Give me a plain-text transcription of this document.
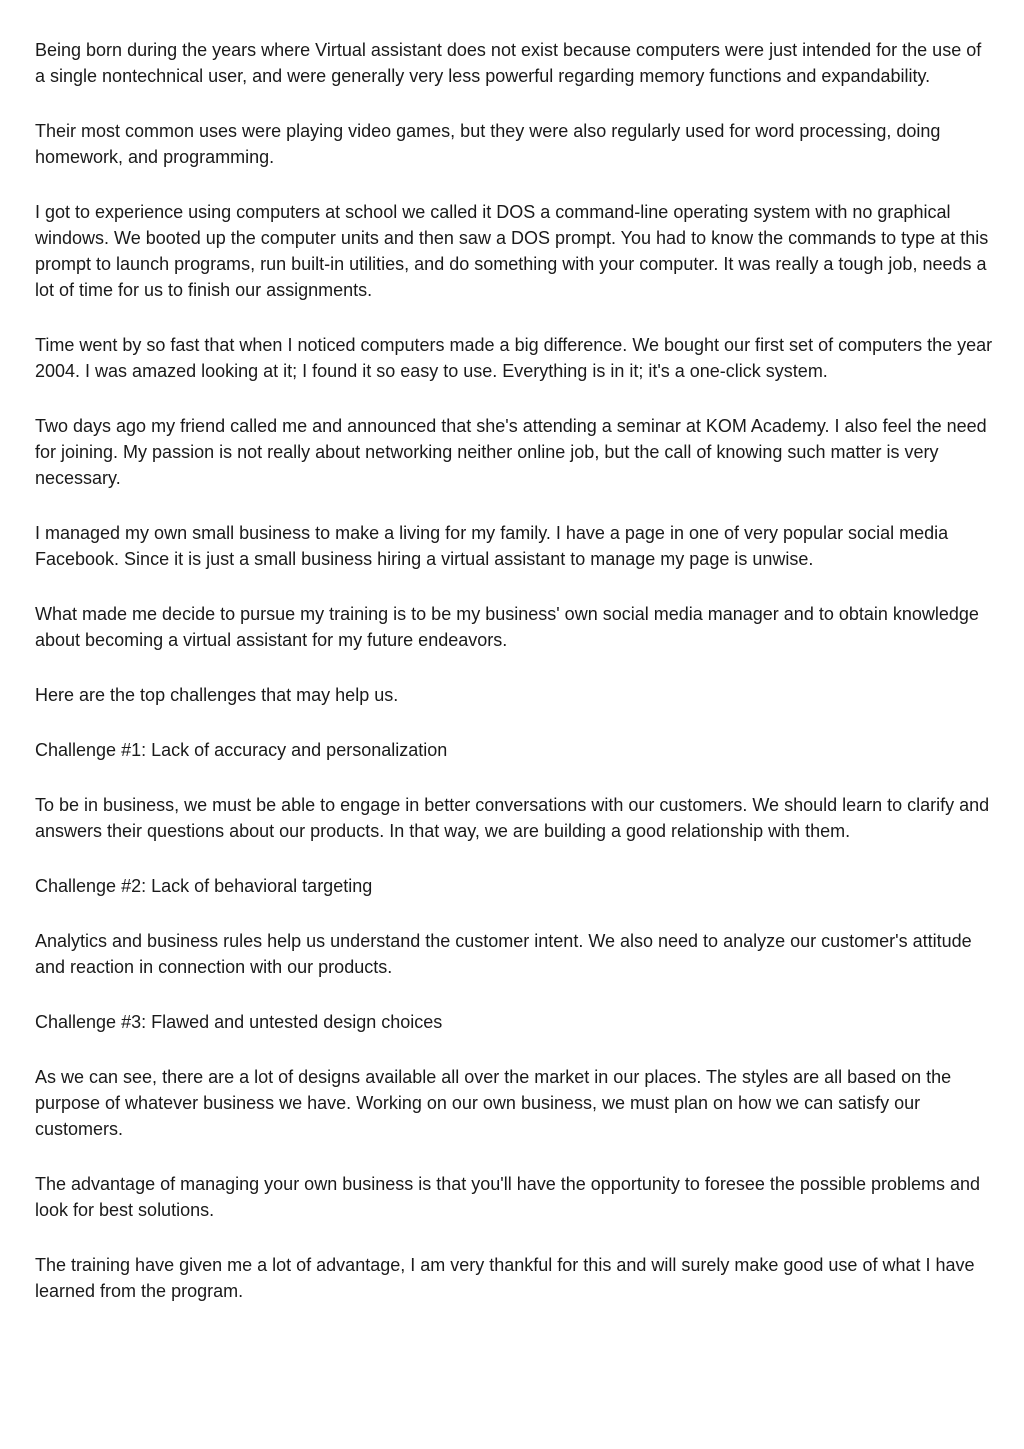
Being born during the years where Virtual assistant does not exist because computers were just intended for the use of a single nontechnical user, and were generally very less powerful regarding memory functions and expandability.

Their most common uses were playing video games, but they were also regularly used for word processing, doing homework, and programming.

I got to experience using computers at school we called it DOS a command-line operating system with no graphical windows. We booted up the computer units and then saw a DOS prompt. You had to know the commands to type at this prompt to launch programs, run built-in utilities, and do something with your computer. It was really a tough job, needs a lot of time for us to finish our assignments.

Time went by so fast that when I noticed computers made a big difference. We bought our first set of computers the year 2004. I was amazed looking at it; I found it so easy to use. Everything is in it; it's a one-click system.

Two days ago my friend called me and announced that she's attending a seminar at KOM Academy. I also feel the need for joining. My passion is not really about networking neither online job, but the call of knowing such matter is very necessary.

I managed my own small business to make a living for my family. I have a page in one of very popular social media Facebook. Since it is just a small business hiring a virtual assistant to manage my page is unwise.

What made me decide to pursue my training is to be my business' own social media manager and to obtain knowledge about becoming a virtual assistant for my future endeavors.

Here are the top challenges that may help us.

Challenge #1: Lack of accuracy and personalization

To be in business, we must be able to engage in better conversations with our customers. We should learn to clarify and answers their questions about our products. In that way, we are building a good relationship with them.

Challenge #2: Lack of behavioral targeting

Analytics and business rules help us understand the customer intent. We also need to analyze our customer's attitude and reaction in connection with our products.

Challenge #3: Flawed and untested design choices

As we can see, there are a lot of designs available all over the market in our places. The styles are all based on the purpose of whatever business we have. Working on our own business, we must plan on how we can satisfy our customers.

The advantage of managing your own business is that you'll have the opportunity to foresee the possible problems and look for best solutions.

The training have given me a lot of advantage, I am very thankful for this and will surely make good use of what I have learned from the program.
